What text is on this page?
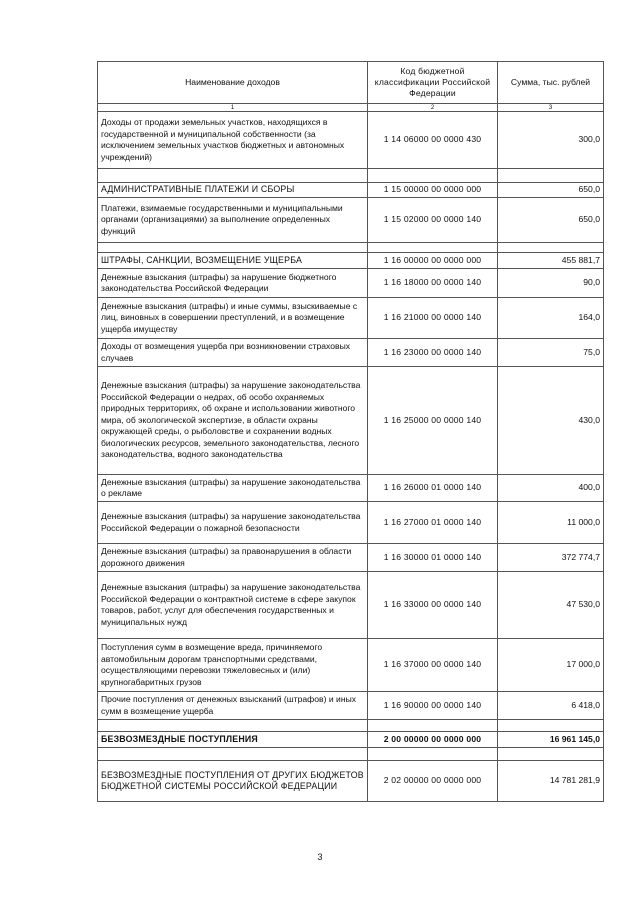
Наименование доходов	Код бюджетной классификации Российской Федерации	Сумма, тыс. рублей
1	2	3
Доходы от продажи земельных участков, находящихся в государственной и муниципальной собственности (за исключением земельных участков бюджетных и автономных учреждений)	1 14 06000 00 0000 430	300,0

АДМИНИСТРАТИВНЫЕ ПЛАТЕЖИ И СБОРЫ	1 15 00000 00 0000 000	650,0
Платежи, взимаемые государственными и муниципальными органами (организациями) за выполнение определенных функций	1 15 02000 00 0000 140	650,0

ШТРАФЫ, САНКЦИИ, ВОЗМЕЩЕНИЕ УЩЕРБА	1 16 00000 00 0000 000	455 881,7
Денежные взыскания (штрафы) за нарушение бюджетного законодательства Российской Федерации	1 16 18000 00 0000 140	90,0
Денежные взыскания (штрафы) и иные суммы, взыскиваемые с лиц, виновных в совершении преступлений, и в возмещение ущерба имуществу	1 16 21000 00 0000 140	164,0
Доходы от возмещения ущерба при возникновении страховых случаев	1 16 23000 00 0000 140	75,0
Денежные взыскания (штрафы) за нарушение законодательства Российской Федерации о недрах, об особо охраняемых природных территориях, об охране и использовании животного мира, об экологической экспертизе, в области охраны окружающей среды, о рыболовстве и сохранении водных биологических ресурсов, земельного законодательства, лесного законодательства, водного законодательства	1 16 25000 00 0000 140	430,0
Денежные взыскания (штрафы) за нарушение законодательства о рекламе	1 16 26000 01 0000 140	400,0
Денежные взыскания (штрафы) за нарушение законодательства Российской Федерации о пожарной безопасности	1 16 27000 01 0000 140	11 000,0
Денежные взыскания (штрафы) за правонарушения в области дорожного движения	1 16 30000 01 0000 140	372 774,7
Денежные взыскания (штрафы) за нарушение законодательства Российской Федерации о контрактной системе в сфере закупок товаров, работ, услуг для обеспечения государственных и муниципальных нужд	1 16 33000 00 0000 140	47 530,0
Поступления сумм в возмещение вреда, причиняемого автомобильным дорогам транспортными средствами, осуществляющими перевозки тяжеловесных и (или) крупногабаритных грузов	1 16 37000 00 0000 140	17 000,0
Прочие поступления от денежных взысканий (штрафов) и иных сумм в возмещение ущерба	1 16 90000 00 0000 140	6 418,0

БЕЗВОЗМЕЗДНЫЕ ПОСТУПЛЕНИЯ	2 00 00000 00 0000 000	16 961 145,0

БЕЗВОЗМЕЗДНЫЕ ПОСТУПЛЕНИЯ ОТ ДРУГИХ БЮДЖЕТОВ БЮДЖЕТНОЙ СИСТЕМЫ РОССИЙСКОЙ ФЕДЕРАЦИИ	2 02 00000 00 0000 000	14 781 281,9
3
